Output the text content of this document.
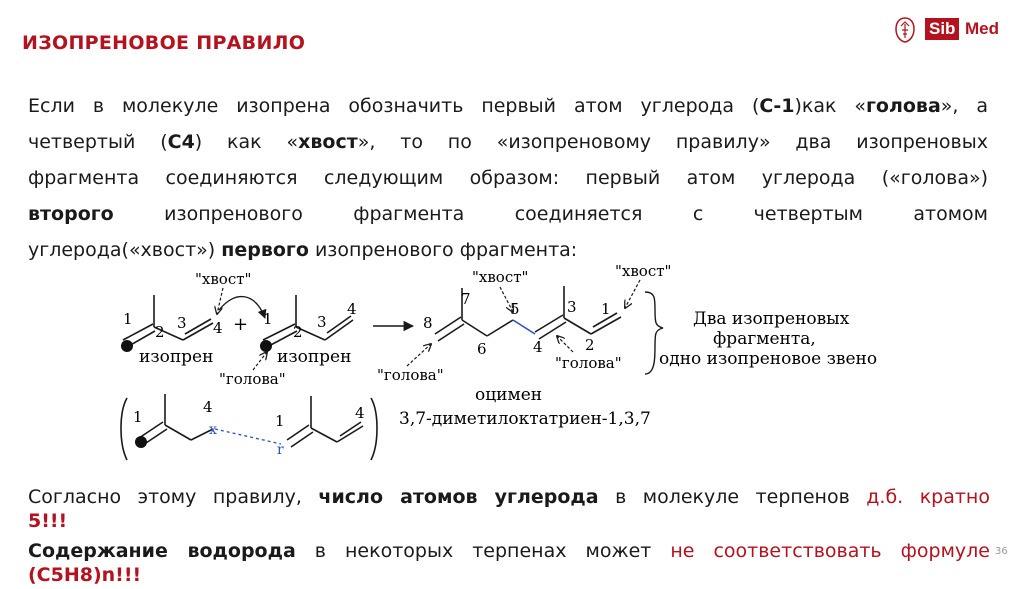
ИЗОПРЕНОВОЕ ПРАВИЛО
Sib Med
Если в молекуле изопрена обозначить первый атом углерода (С-1)как «голова», а
четвертый (С4) как «хвост», то по «изопреновому правилу» два изопреновых
фрагмента соединяются следующим образом: первый атом углерода («голова»)
второго изопренового фрагмента соединяется с четвертым атомом
углерода(«хвост») первого изопренового фрагмента:
1
2 3 4
изопрен
"хвост"
+ 1
2
3
4
изопрен
"голова"
8
7
6
5
4
3
2
1
"хвост"	"хвост"
"голова"
"голова"
Два изопреновых
фрагмента,
одно изопреновое звено
оцимен
3,7-диметилоктатриен-1,3,7
1
4
1	4
x
r
Согласно этому правилу, число атомов углерода в молекуле терпенов д.б. кратно
5!!!
Содержание водорода в некоторых терпенах может не соответствовать формуле
(C5H8)n!!!
36
